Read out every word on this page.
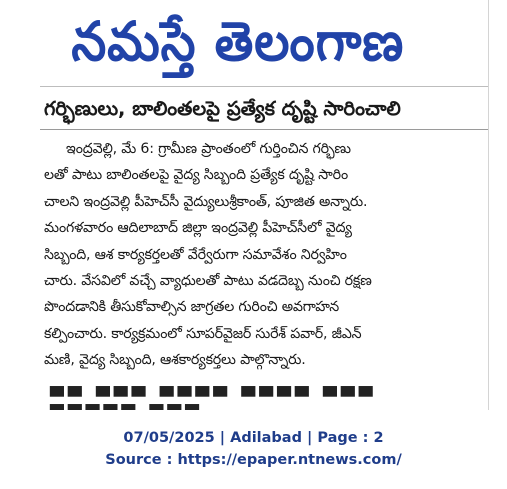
నమస్తే తెలంగాణ
గర్భిణులు, బాలింతలపై ప్రత్యేక దృష్టి సారించాలి
ఇంద్రవెల్లి, మే 6: గ్రామీణ ప్రాంతంలో గుర్తించిన గర్భిణు
లతో పాటు బాలింతలపై వైద్య సిబ్బంది ప్రత్యేక దృష్టి సారిం
చాలని ఇంద్రవెల్లి పీహెచ్‌సీ వైద్యులుశ్రీకాంత్, పూజిత అన్నారు.
మంగళవారం ఆదిలాబాద్ జిల్లా ఇంద్రవెల్లి పీహెచ్‌సీలో వైద్య
సిబ్బంది, ఆశ కార్యకర్తలతో వేర్వేరుగా సమావేశం నిర్వహిం
చారు. వేసవిలో వచ్చే వ్యాధులతో పాటు వడదెబ్బ నుంచి రక్షణ
పొందడానికి తీసుకోవాల్సిన జాగ్రతల గురించి అవగాహన
కల్పించారు. కార్యక్రమంలో సూపర్‌వైజర్ సురేశ్ పవార్, జీఎన్
మణి, వైద్య సిబ్బంది, ఆశకార్యకర్తలు పాల్గొన్నారు.
▀▀ ▀▀▀ ▀▀▀▀ ▀▀▀▀ ▀▀▀
07/05/2025 | Adilabad | Page : 2
Source : https://epaper.ntnews.com/
